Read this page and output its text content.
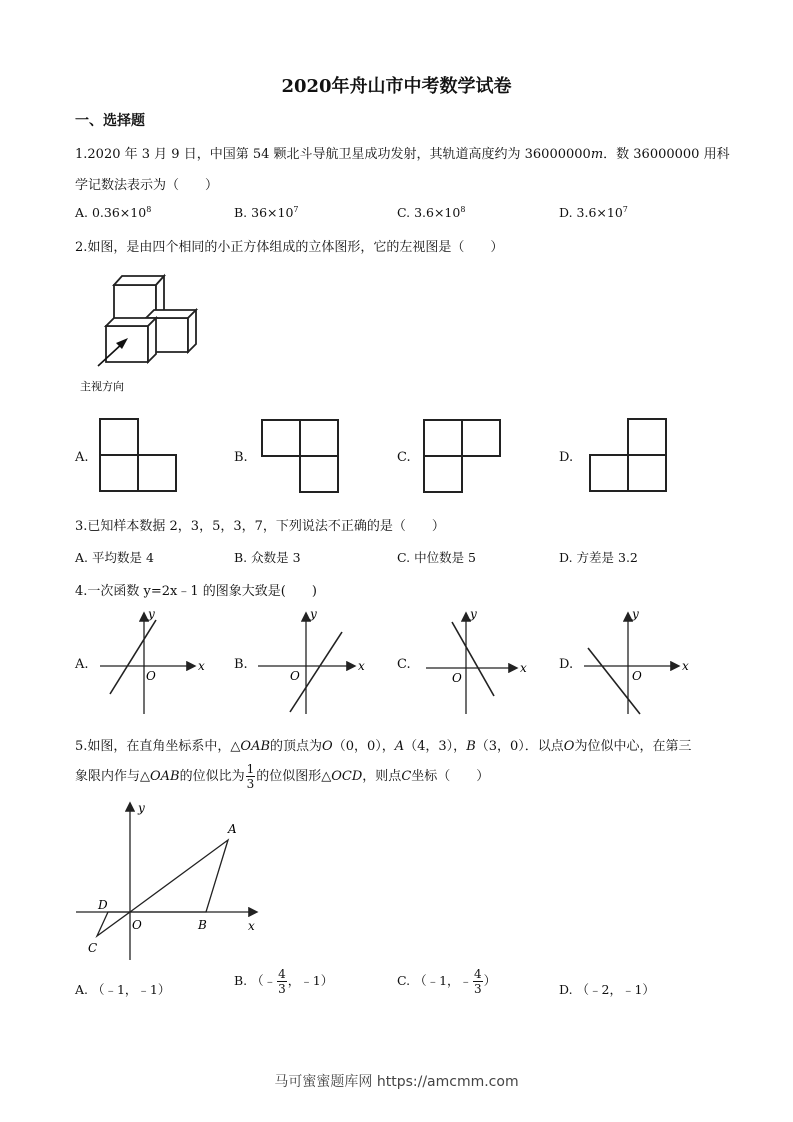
2020年舟山市中考数学试卷
一、选择题
1.2020 年 3 月 9 日，中国第 54 颗北斗导航卫星成功发射，其轨道高度约为 36000000m．数 36000000 用科
学记数法表示为（　　）
A. $0.36\times 10^8$	B. $36\times 10^7$	C. $3.6\times 10^8$	D. $3.6\times 10^7$
2.如图，是由四个相同的小正方体组成的立体图形，它的左视图是（　　）
主视方向
A.	B.	C.	D.
3.已知样本数据 2，3，5，3，7，下列说法不正确的是（　　）
A. 平均数是 4	B. 众数是 3	C. 中位数是 5	D. 方差是 3.2
4.一次函数 y=2x﹣1 的图象大致是(　　)
A.	x
y
O
B.	x
y
O
C.	x
y
O
D.	x
y
O
5.如图，在直角坐标系中，△OAB的顶点为O（0，0），A（4，3），B（3，0）．以点O为位似中心，在第三
象限内作与△OAB的位似比为 $\frac{1}{3}$ 的位似图形△OCD，则点C坐标（　　）
y
x
A
B
O
D
C
A. （﹣1，﹣1）
B. （﹣ $\frac{4}{3}$ ，﹣1）	C. （﹣1，﹣ $\frac{4}{3}$ ）
D. （﹣2，﹣1）
马可蜜蜜题库网 https://amcmm.com
